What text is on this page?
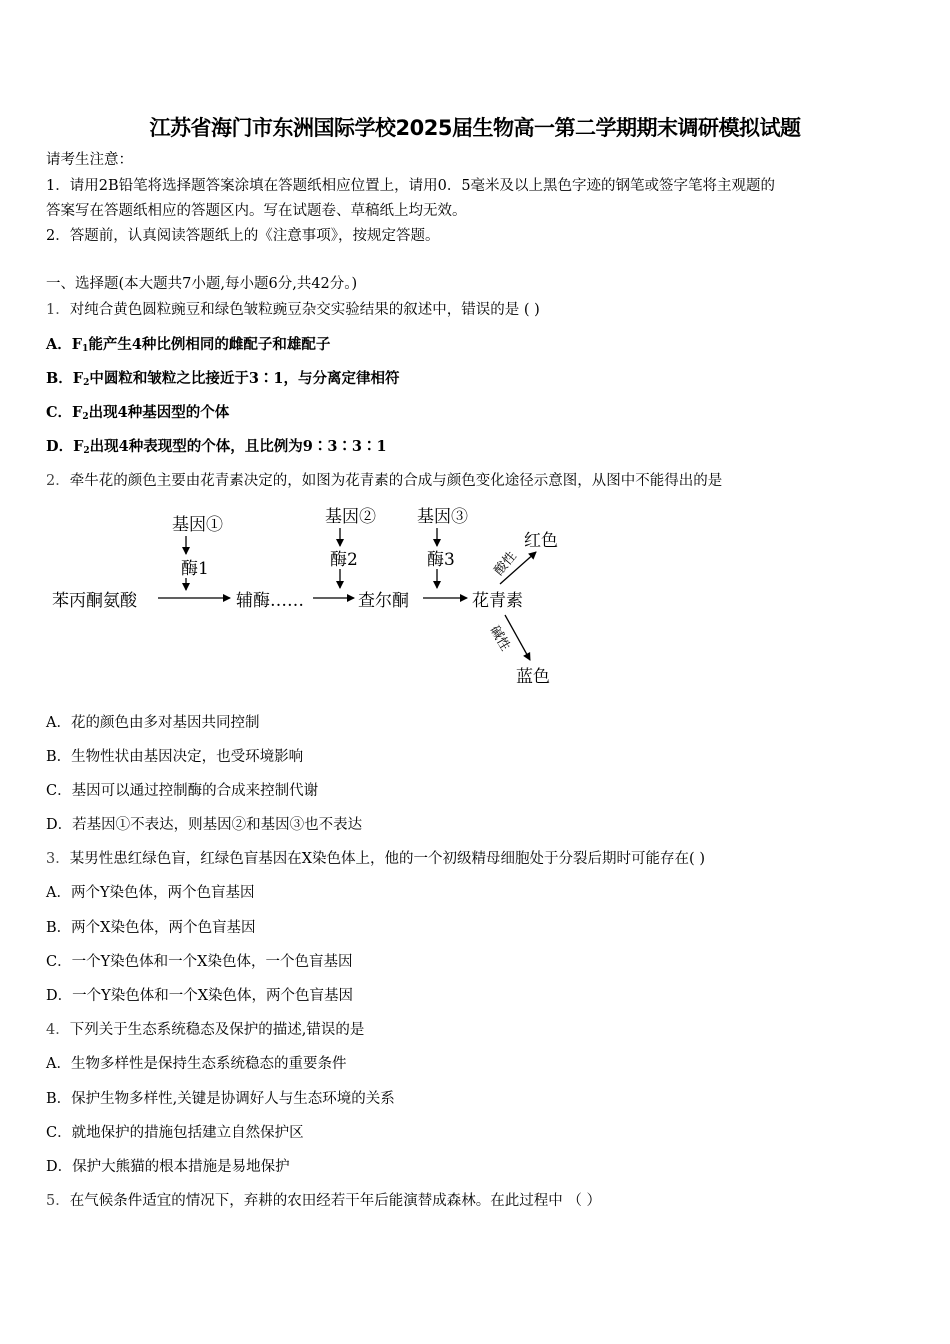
江苏省海门市东洲国际学校2025届生物高一第二学期期末调研模拟试题
请考生注意：
1．请用2B铅笔将选择题答案涂填在答题纸相应位置上，请用0．5毫米及以上黑色字迹的钢笔或签字笔将主观题的
答案写在答题纸相应的答题区内。写在试题卷、草稿纸上均无效。
2．答题前，认真阅读答题纸上的《注意事项》，按规定答题。
一、选择题(本大题共7小题,每小题6分,共42分。)
1．对纯合黄色圆粒豌豆和绿色皱粒豌豆杂交实验结果的叙述中，错误的是 ( )
A．$F_1$能产生4种比例相同的雌配子和雄配子
B．$F_2$中圆粒和皱粒之比接近于3∶1，与分离定律相符
C．$F_2$出现4种基因型的个体
D．$F_2$出现4种表现型的个体，且比例为9∶3∶3∶1
2．牵牛花的颜色主要由花青素决定的，如图为花青素的合成与颜色变化途径示意图，从图中不能得出的是
基因①
酶1
基因②
酶2
基因③
酶3
苯丙酮氨酸	辅酶……	查尔酮	花青素
红色
蓝色
酸性
碱性
A．花的颜色由多对基因共同控制
B．生物性状由基因决定，也受环境影响
C．基因可以通过控制酶的合成来控制代谢
D．若基因①不表达，则基因②和基因③也不表达
3．某男性患红绿色盲，红绿色盲基因在X染色体上，他的一个初级精母细胞处于分裂后期时可能存在( )
A．两个Y染色体，两个色盲基因
B．两个X染色体，两个色盲基因
C．一个Y染色体和一个X染色体，一个色盲基因
D．一个Y染色体和一个X染色体，两个色盲基因
4．下列关于生态系统稳态及保护的描述,错误的是
A．生物多样性是保持生态系统稳态的重要条件
B．保护生物多样性,关键是协调好人与生态环境的关系
C．就地保护的措施包括建立自然保护区
D．保护大熊猫的根本措施是易地保护
5．在气候条件适宜的情况下，弃耕的农田经若干年后能演替成森林。在此过程中 （ ）
